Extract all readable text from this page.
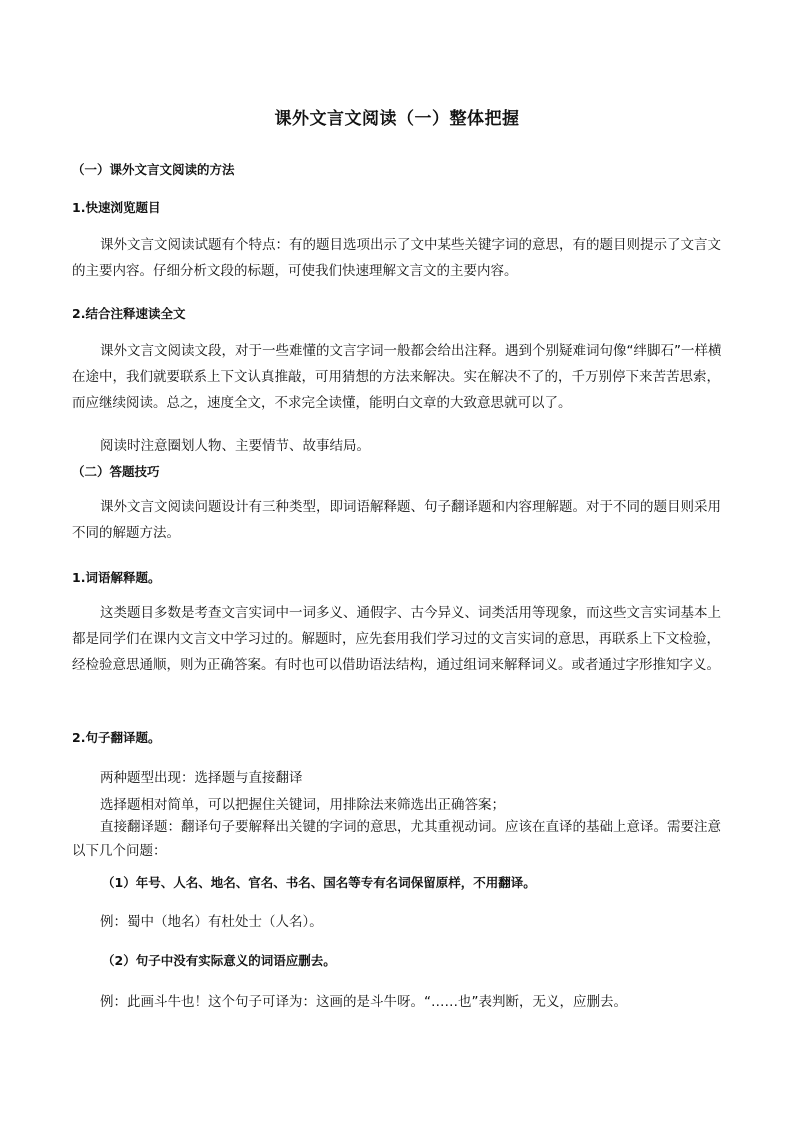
课外文言文阅读（一）整体把握
（一）课外文言文阅读的方法
1.快速浏览题目
课外文言文阅读试题有个特点：有的题目选项出示了文中某些关键字词的意思，有的题目则提示了文言文的主要内容。仔细分析文段的标题，可使我们快速理解文言文的主要内容。
2.结合注释速读全文
课外文言文阅读文段，对于一些难懂的文言字词一般都会给出注释。遇到个别疑难词句像“绊脚石”一样横在途中，我们就要联系上下文认真推敲，可用猜想的方法来解决。实在解决不了的，千万别停下来苦苦思索，而应继续阅读。总之，速度全文，不求完全读懂，能明白文章的大致意思就可以了。
阅读时注意圈划人物、主要情节、故事结局。
（二）答题技巧
课外文言文阅读问题设计有三种类型，即词语解释题、句子翻译题和内容理解题。对于不同的题目则采用不同的解题方法。
1.词语解释题。
这类题目多数是考查文言实词中一词多义、通假字、古今异义、词类活用等现象，而这些文言实词基本上都是同学们在课内文言文中学习过的。解题时，应先套用我们学习过的文言实词的意思，再联系上下文检验，经检验意思通顺，则为正确答案。有时也可以借助语法结构，通过组词来解释词义。或者通过字形推知字义。
2.句子翻译题。
两种题型出现：选择题与直接翻译
选择题相对简单，可以把握住关键词，用排除法来筛选出正确答案；
直接翻译题：翻译句子要解释出关键的字词的意思，尤其重视动词。应该在直译的基础上意译。需要注意以下几个问题：
（1）年号、人名、地名、官名、书名、国名等专有名词保留原样，不用翻译。
例：蜀中（地名）有杜处士（人名）。
（2）句子中没有实际意义的词语应删去。
例：此画斗牛也！这个句子可译为：这画的是斗牛呀。“……也”表判断，无义，应删去。
